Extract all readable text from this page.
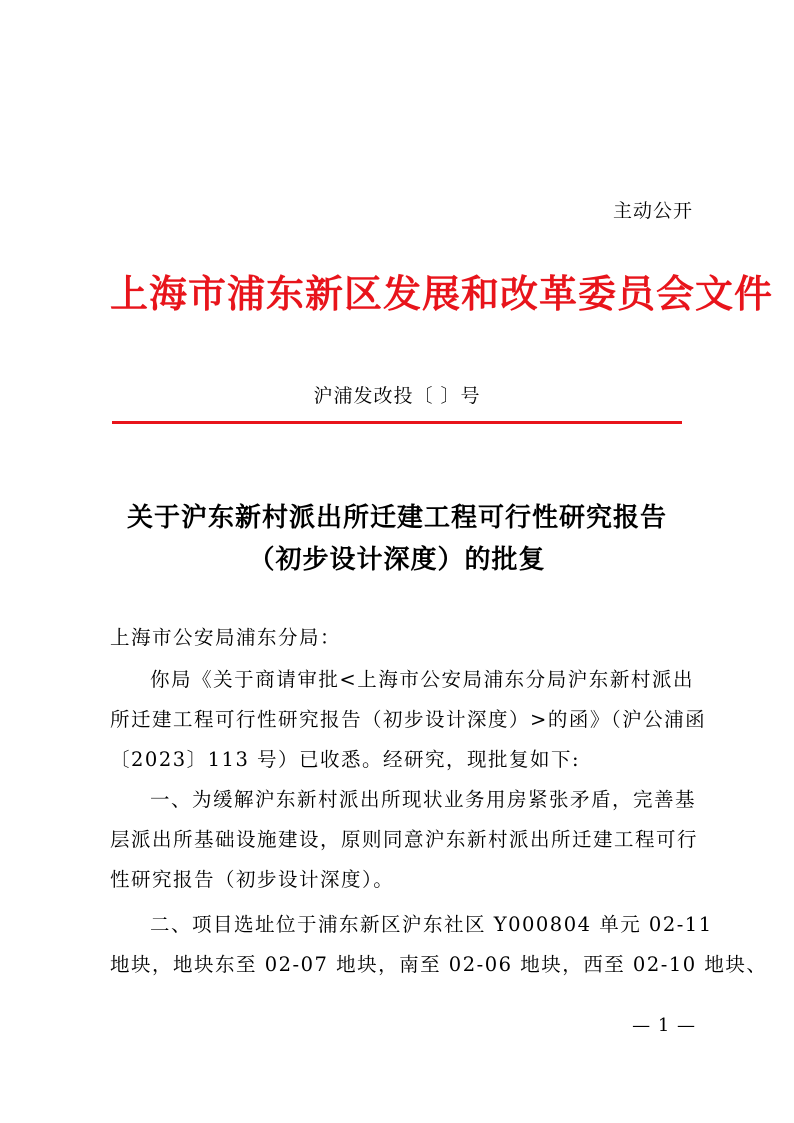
主动公开
上海市浦东新区发展和改革委员会文件
沪浦发改投〔 〕号
关于沪东新村派出所迁建工程可行性研究报告
（初步设计深度）的批复
上海市公安局浦东分局：
你局《关于商请审批<上海市公安局浦东分局沪东新村派出
所迁建工程可行性研究报告（初步设计深度）>的函》（沪公浦函
〔2023〕113 号）已收悉。经研究，现批复如下:
一、为缓解沪东新村派出所现状业务用房紧张矛盾，完善基
层派出所基础设施建设，原则同意沪东新村派出所迁建工程可行
性研究报告（初步设计深度）。
二、项目选址位于浦东新区沪东社区 Y000804 单元 02-11
地块，地块东至 02-07 地块，南至 02-06 地块，西至 02-10 地块、
— 1 —
